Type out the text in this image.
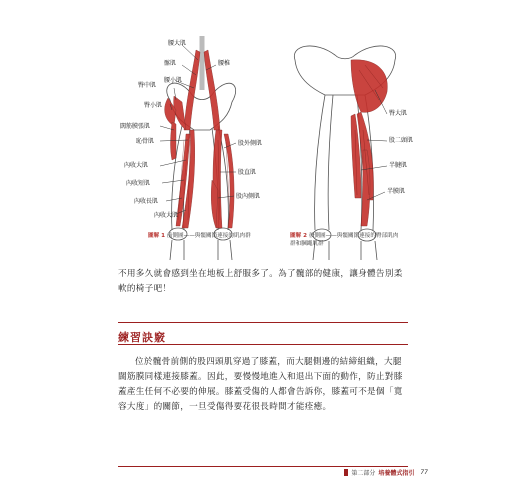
腰大肌
髂肌
腰小肌
臀中肌
臀小肌
闊筋膜張肌
恥骨肌
內收大肌
內收短肌
內收長肌
內收大肌
股外側肌
股直肌
股內側肌
腰椎
臀大肌
股二頭肌
半腱肌
半膜肌
圖解 1 前側圖——與髖關節連接的肌肉群	圖解 2 後側圖——與髖關節連接的臀部肌肉群和膕繩肌群

不用多久就會感到坐在地板上舒服多了。為了髖部的健康，讓身體告別柔軟的椅子吧！

練習訣竅

位於髖骨前側的股四頭肌穿過了膝蓋，而大腿側邊的結締組織，大腿闊筋膜同樣連接膝蓋。因此，要慢慢地進入和退出下面的動作，防止對膝蓋產生任何不必要的伸展。膝蓋受傷的人都會告訴你，膝蓋可不是個「寬容大度」的關節，一旦受傷得要花很長時間才能痊癒。

第二部分 培養體式指引 77
